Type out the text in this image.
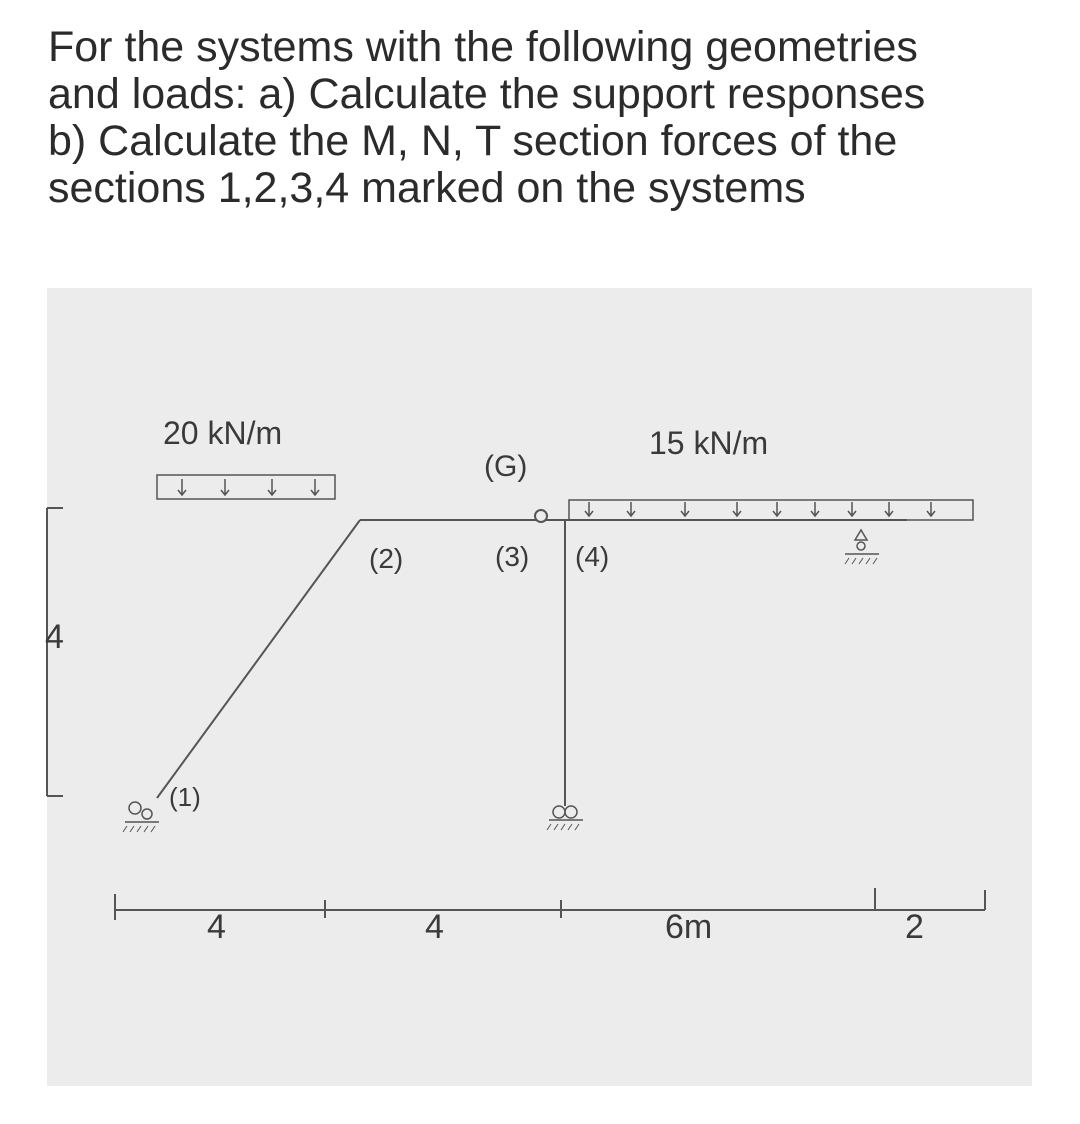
For the systems with the following geometries
and loads: a) Calculate the support responses
b) Calculate the M, N, T section forces of the
sections 1,2,3,4 marked on the systems
(G)
(1)
20 kN/m	15 kN/m
(2)	(3) (4)
4
4	4	6m	2
